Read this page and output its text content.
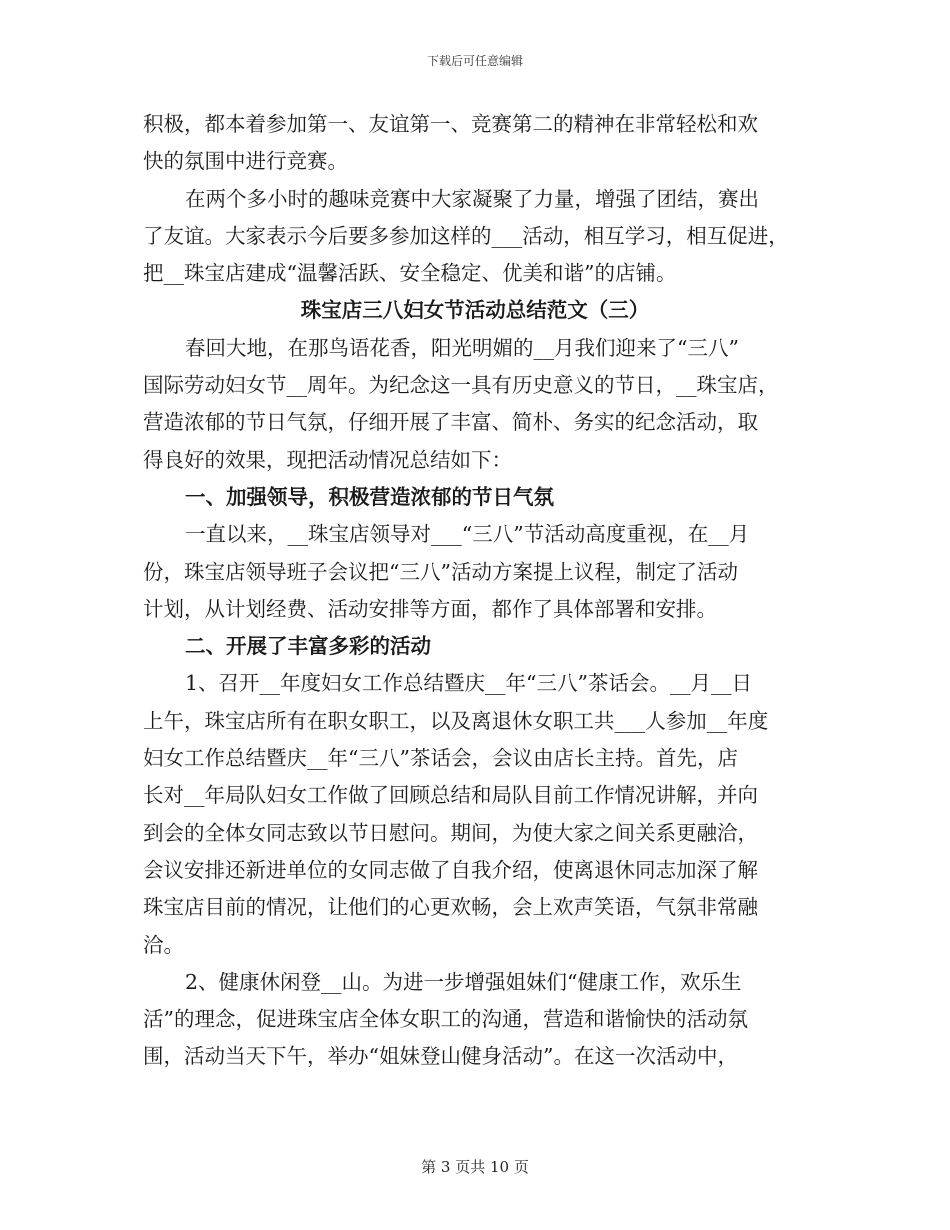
下载后可任意编辑
积极，都本着参加第一、友谊第一、竞赛第二的精神在非常轻松和欢
快的氛围中进行竞赛。
在两个多小时的趣味竞赛中大家凝聚了力量，增强了团结，赛出
了友谊。大家表示今后要多参加这样的___活动，相互学习，相互促进，
把__珠宝店建成“温馨活跃、安全稳定、优美和谐”的店铺。
珠宝店三八妇女节活动总结范文（三）
春回大地，在那鸟语花香，阳光明媚的__月我们迎来了“三八”
国际劳动妇女节__周年。为纪念这一具有历史意义的节日，__珠宝店，
营造浓郁的节日气氛，仔细开展了丰富、简朴、务实的纪念活动，取
得良好的效果，现把活动情况总结如下：
一、加强领导，积极营造浓郁的节日气氛
一直以来，__珠宝店领导对___“三八”节活动高度重视，在__月
份，珠宝店领导班子会议把“三八”活动方案提上议程，制定了活动
计划，从计划经费、活动安排等方面，都作了具体部署和安排。
二、开展了丰富多彩的活动
1、召开__年度妇女工作总结暨庆__年“三八”茶话会。__月__日
上午，珠宝店所有在职女职工，以及离退休女职工共___人参加__年度
妇女工作总结暨庆__年“三八”茶话会，会议由店长主持。首先，店
长对__年局队妇女工作做了回顾总结和局队目前工作情况讲解，并向
到会的全体女同志致以节日慰问。期间，为使大家之间关系更融洽，
会议安排还新进单位的女同志做了自我介绍，使离退休同志加深了解
珠宝店目前的情况，让他们的心更欢畅，会上欢声笑语，气氛非常融
洽。
2、健康休闲登__山。为进一步增强姐妹们“健康工作，欢乐生
活”的理念，促进珠宝店全体女职工的沟通，营造和谐愉快的活动氛
围，活动当天下午，举办“姐妹登山健身活动”。在这一次活动中，
第 3 页共 10 页
